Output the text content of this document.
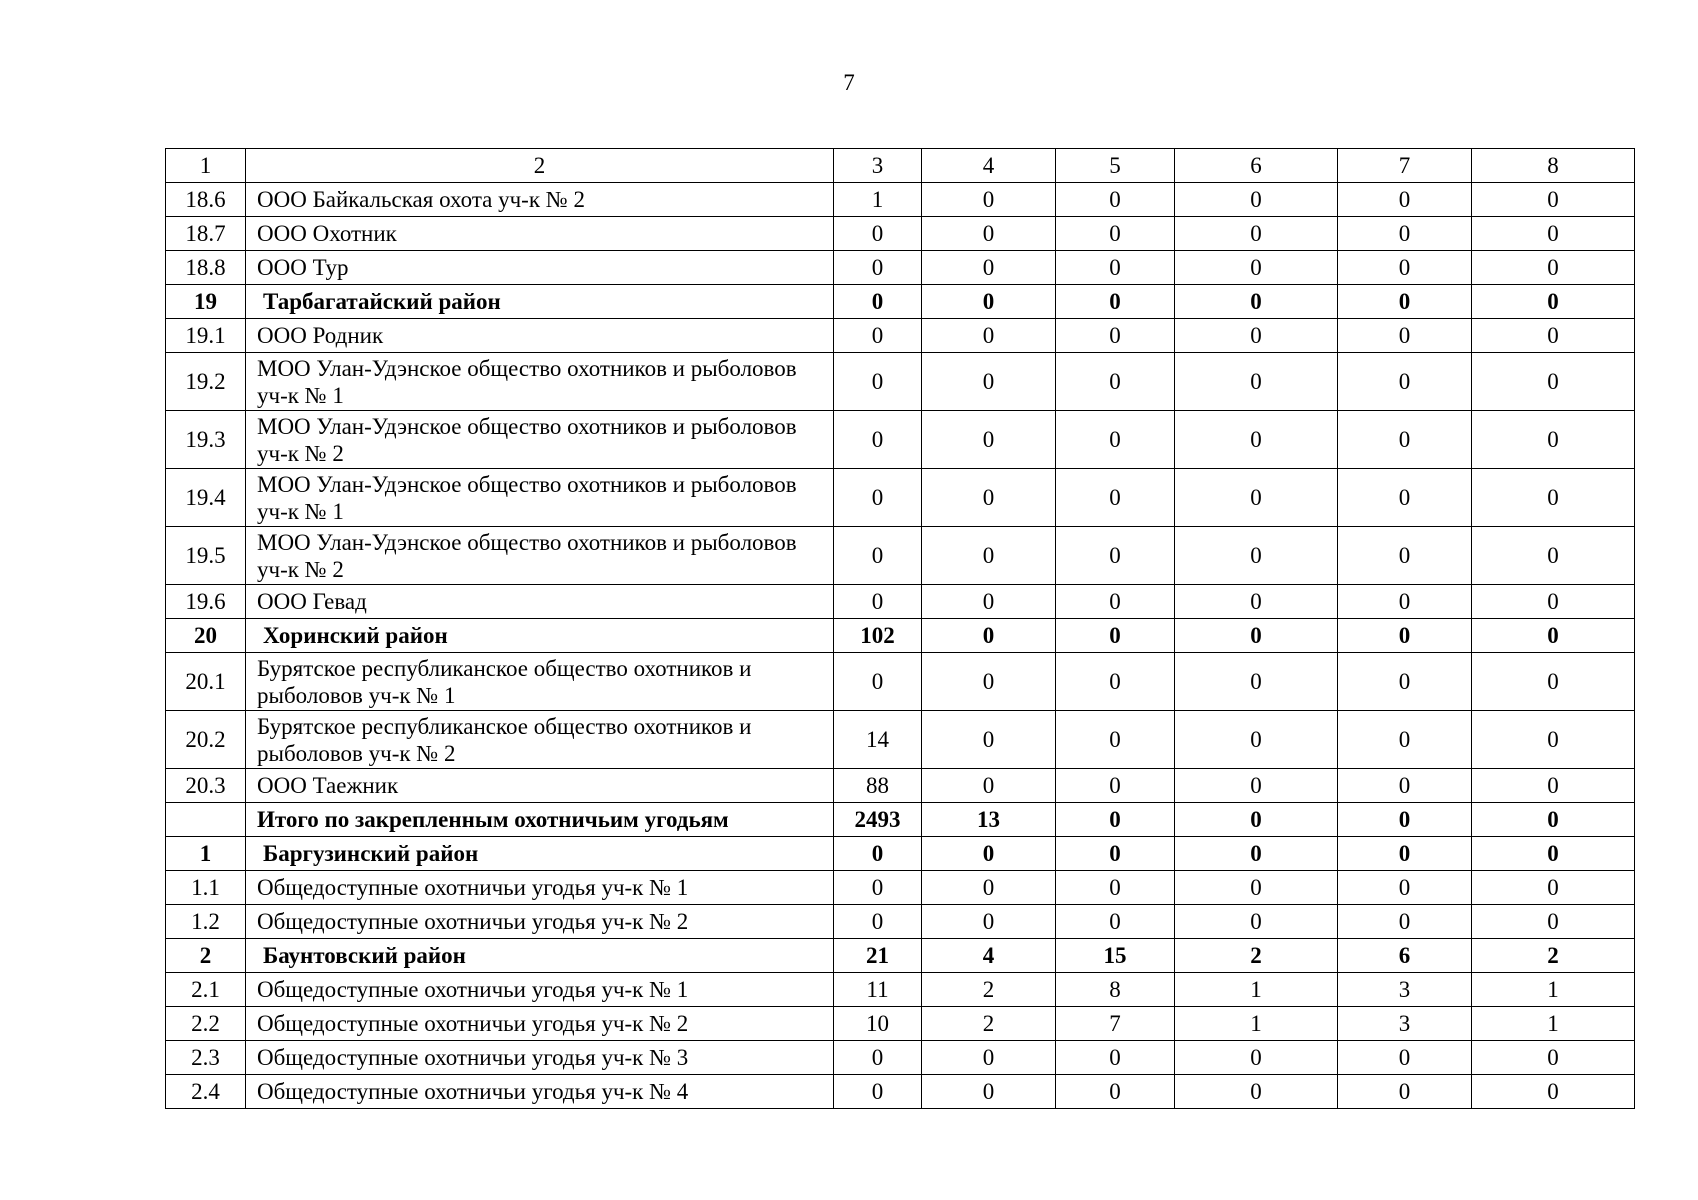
7
1	2	3	4	5	6	7	8
18.6	ООО Байкальская охота уч-к № 2	1	0	0	0	0	0
18.7	ООО Охотник	0	0	0	0	0	0
18.8	ООО Тур	0	0	0	0	0	0
19	Тарбагатайский район	0	0	0	0	0	0
19.1	ООО Родник	0	0	0	0	0	0
19.2	МОО Улан-Удэнское общество охотников и рыболовов уч-к № 1	0	0	0	0	0	0
19.3	МОО Улан-Удэнское общество охотников и рыболовов уч-к № 2	0	0	0	0	0	0
19.4	МОО Улан-Удэнское общество охотников и рыболовов уч-к № 1	0	0	0	0	0	0
19.5	МОО Улан-Удэнское общество охотников и рыболовов уч-к № 2	0	0	0	0	0	0
19.6	ООО Гевад	0	0	0	0	0	0
20	Хоринский район	102	0	0	0	0	0
20.1	Бурятское республиканское общество охотников и рыболовов уч-к № 1	0	0	0	0	0	0
20.2	Бурятское республиканское общество охотников и рыболовов уч-к № 2	14	0	0	0	0	0
20.3	ООО Таежник	88	0	0	0	0	0
	Итого по закрепленным охотничьим угодьям	2493	13	0	0	0	0
1	Баргузинский район	0	0	0	0	0	0
1.1	Общедоступные охотничьи угодья уч-к № 1	0	0	0	0	0	0
1.2	Общедоступные охотничьи угодья уч-к № 2	0	0	0	0	0	0
2	Баунтовский район	21	4	15	2	6	2
2.1	Общедоступные охотничьи угодья уч-к № 1	11	2	8	1	3	1
2.2	Общедоступные охотничьи угодья уч-к № 2	10	2	7	1	3	1
2.3	Общедоступные охотничьи угодья уч-к № 3	0	0	0	0	0	0
2.4	Общедоступные охотничьи угодья уч-к № 4	0	0	0	0	0	0
